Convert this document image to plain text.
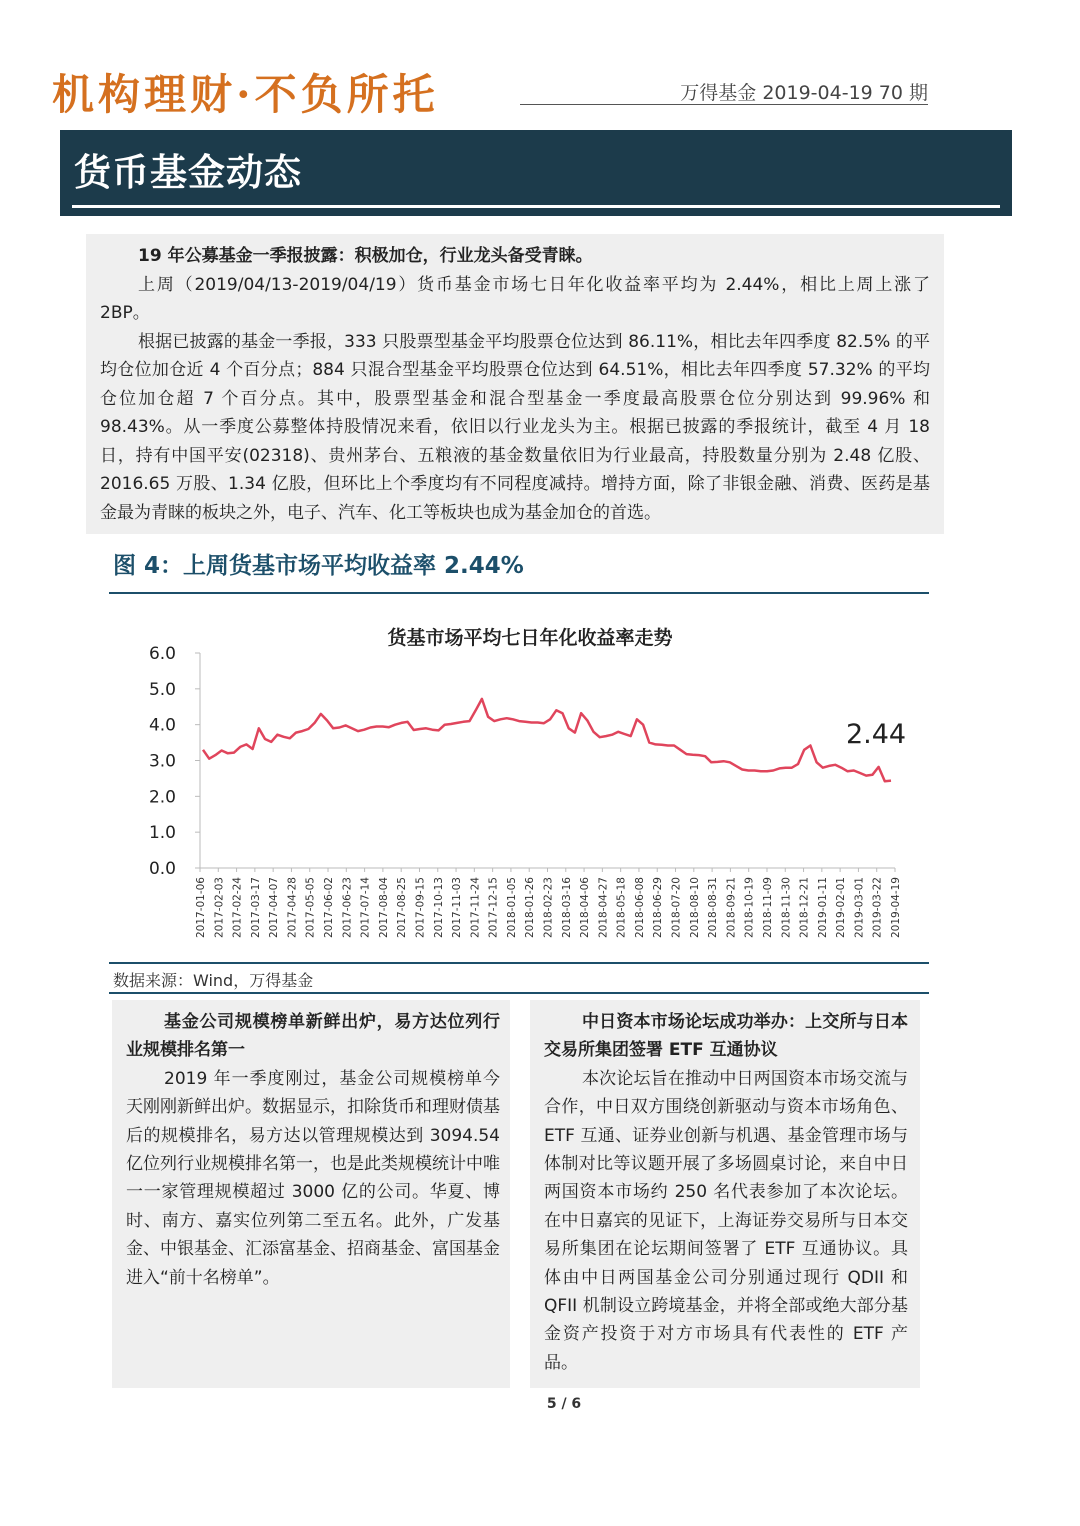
机构理财·不负所托	万得基金 2019-04-19 70 期
货币基金动态

19 年公募基金一季报披露：积极加仓，行业龙头备受青睐。

上周（2019/04/13-2019/04/19）货币基金市场七日年化收益率平均为 2.44%，相比上周上涨了 2BP。

根据已披露的基金一季报，333 只股票型基金平均股票仓位达到 86.11%，相比去年四季度 82.5% 的平均仓位加仓近 4 个百分点；884 只混合型基金平均股票仓位达到 64.51%，相比去年四季度 57.32% 的平均仓位加仓超 7 个百分点。其中，股票型基金和混合型基金一季度最高股票仓位分别达到 99.96% 和 98.43%。从一季度公募整体持股情况来看，依旧以行业龙头为主。根据已披露的季报统计，截至 4 月 18 日，持有中国平安(02318)、贵州茅台、五粮液的基金数量依旧为行业最高，持股数量分别为 2.48 亿股、2016.65 万股、1.34 亿股，但环比上个季度均有不同程度减持。增持方面，除了非银金融、消费、医药是基金最为青睐的板块之外，电子、汽车、化工等板块也成为基金加仓的首选。

图 4：上周货基市场平均收益率 2.44%
货基市场平均七日年化收益率走势
6.0
5.0
4.0
3.0
2.0
1.0
0.0
2017-01-06 2017-02-03 2017-02-24 2017-03-17 2017-04-07 2017-04-28 2017-05-05 2017-06-02 2017-06-23 2017-07-14 2017-08-04 2017-08-25 2017-09-15 2017-10-13 2017-11-03 2017-11-24 2017-12-15 2018-01-05 2018-01-26 2018-02-23 2018-03-16 2018-04-06 2018-04-27 2018-05-18 2018-06-08 2018-06-29 2018-07-20 2018-08-10 2018-08-31 2018-09-21 2018-10-19 2018-11-09 2018-11-30 2018-12-21 2019-01-11 2019-02-01 2019-03-01 2019-03-22 2019-04-19
2.44
数据来源：Wind，万得基金

基金公司规模榜单新鲜出炉，易方达位列行业规模排名第一

2019 年一季度刚过，基金公司规模榜单今天刚刚新鲜出炉。数据显示，扣除货币和理财债基后的规模排名，易方达以管理规模达到 3094.54 亿位列行业规模排名第一，也是此类规模统计中唯一一家管理规模超过 3000 亿的公司。华夏、博时、南方、嘉实位列第二至五名。此外，广发基金、中银基金、汇添富基金、招商基金、富国基金进入“前十名榜单”。

中日资本市场论坛成功举办：上交所与日本交易所集团签署 ETF 互通协议

本次论坛旨在推动中日两国资本市场交流与合作，中日双方围绕创新驱动与资本市场角色、ETF 互通、证券业创新与机遇、基金管理市场与体制对比等议题开展了多场圆桌讨论，来自中日两国资本市场约 250 名代表参加了本次论坛。在中日嘉宾的见证下，上海证券交易所与日本交易所集团在论坛期间签署了 ETF 互通协议。具体由中日两国基金公司分别通过现行 QDII 和 QFII 机制设立跨境基金，并将全部或绝大部分基金资产投资于对方市场具有代表性的 ETF 产品。

5 / 6
